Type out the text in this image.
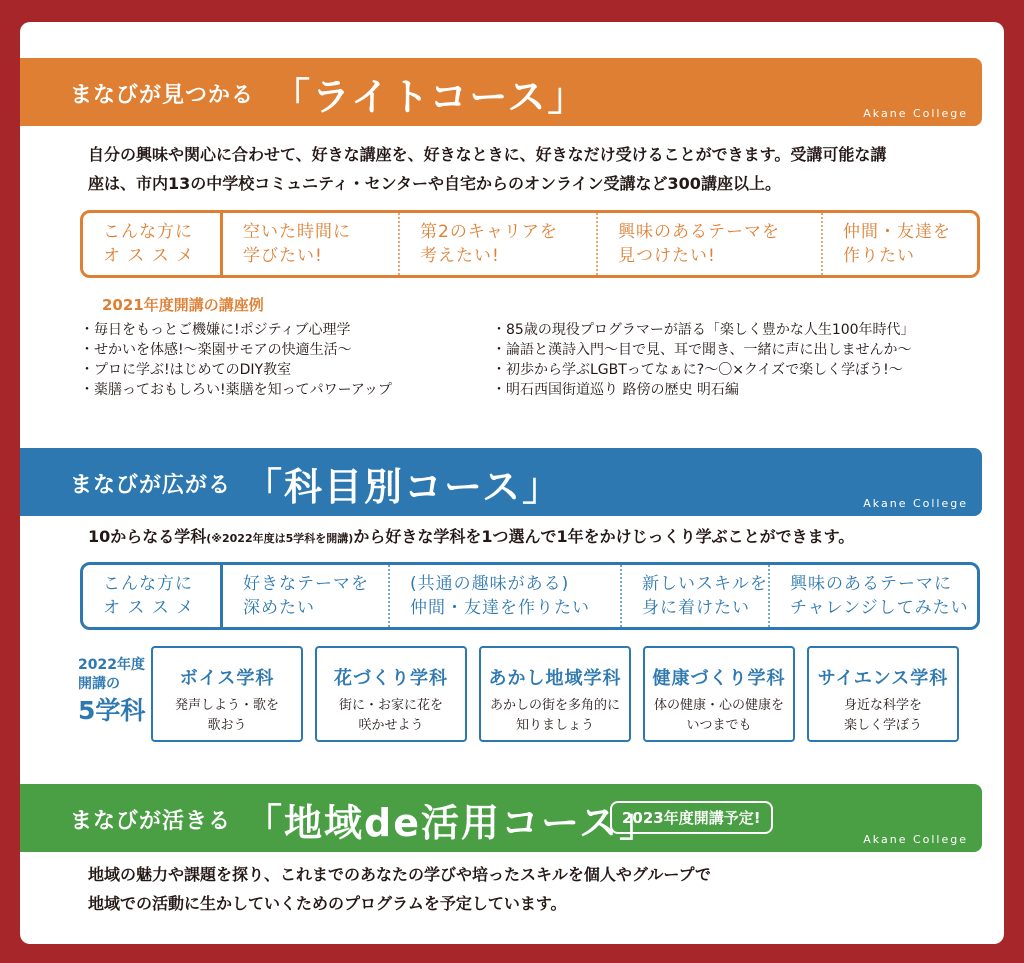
まなびが見つかる 「ライトコース」	Akane College
自分の興味や関心に合わせて、好きな講座を、好きなときに、好きなだけ受けることができます。受講可能な講
座は、市内13の中学校コミュニティ・センターや自宅からのオンライン受講など300講座以上。
こんな方に
オ ス ス メ
空いた時間に
学びたい!
第2のキャリアを
考えたい!
興味のあるテーマを
見つけたい!
仲間・友達を
作りたい
2021年度開講の講座例
・毎日をもっとご機嫌に!ポジティブ心理学
・せかいを体感!〜楽園サモアの快適生活〜
・プロに学ぶ!はじめてのDIY教室
・薬膳っておもしろい!薬膳を知ってパワーアップ
・85歳の現役プログラマーが語る「楽しく豊かな人生100年時代」
・論語と漢詩入門〜目で見、耳で聞き、一緒に声に出しませんか〜
・初歩から学ぶLGBTってなぁに?〜〇×クイズで楽しく学ぼう!〜
・明石西国街道巡り 路傍の歴史 明石編
まなびが広がる 「科目別コース」	Akane College
10からなる学科(※2022年度は5学科を開講)から好きな学科を1つ選んで1年をかけじっくり学ぶことができます。
こんな方に
オ ス ス メ
好きなテーマを
深めたい
(共通の趣味がある)
仲間・友達を作りたい
新しいスキルを
身に着けたい
興味のあるテーマに
チャレンジしてみたい
2022年度
開講の
5学科
ボイス学科
発声しよう・歌を
歌おう
花づくり学科
街に・お家に花を
咲かせよう
あかし地域学科
あかしの街を多角的に
知りましょう
健康づくり学科
体の健康・心の健康を
いつまでも
サイエンス学科
身近な科学を
楽しく学ぼう
まなびが活きる 「地域de活用コース」
2023年度開講予定!
Akane College
地域の魅力や課題を探り、これまでのあなたの学びや培ったスキルを個人やグループで
地域での活動に生かしていくためのプログラムを予定しています。
